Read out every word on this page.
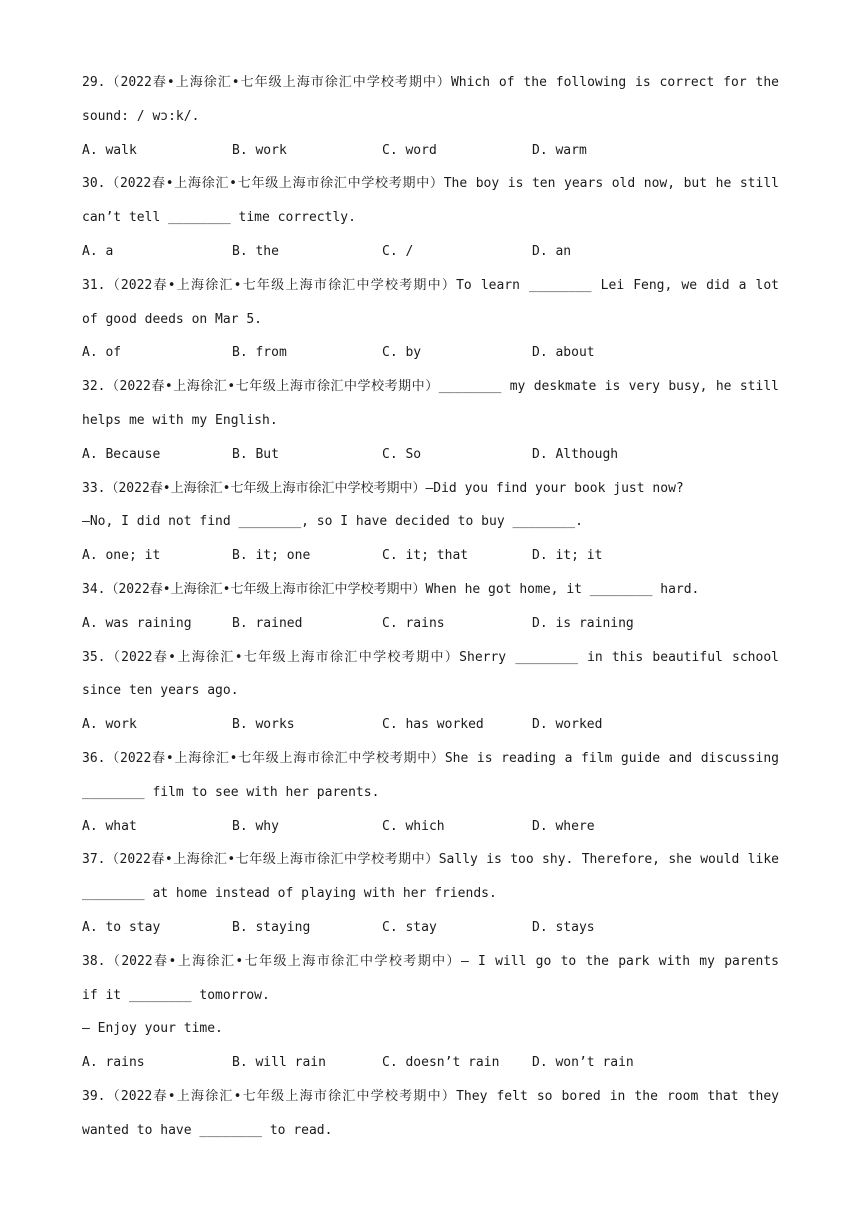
29.（2022春•上海徐汇•七年级上海市徐汇中学校考期中）Which of the following is correct for the
sound: / wɔ:k/.
A. walk	B. work	C. word	D. warm
30.（2022春•上海徐汇•七年级上海市徐汇中学校考期中）The boy is ten years old now, but he still
can’t tell ________ time correctly.
A. a	B. the	C. /	D. an
31.（2022春•上海徐汇•七年级上海市徐汇中学校考期中）To learn ________ Lei Feng, we did a lot
of good deeds on Mar 5.
A. of	B. from	C. by	D. about
32.（2022春•上海徐汇•七年级上海市徐汇中学校考期中）________ my deskmate is very busy, he still
helps me with my English.
A. Because	B. But	C. So	D. Although
33.（2022春•上海徐汇•七年级上海市徐汇中学校考期中）—Did you find your book just now?
—No, I did not find ________, so I have decided to buy ________.
A. one; it	B. it; one	C. it; that	D. it; it
34.（2022春•上海徐汇•七年级上海市徐汇中学校考期中）When he got home, it ________ hard.
A. was raining	B. rained	C. rains	D. is raining
35.（2022春•上海徐汇•七年级上海市徐汇中学校考期中）Sherry ________ in this beautiful school
since ten years ago.
A. work	B. works	C. has worked	D. worked
36.（2022春•上海徐汇•七年级上海市徐汇中学校考期中）She is reading a film guide and discussing
________ film to see with her parents.
A. what	B. why	C. which	D. where
37.（2022春•上海徐汇•七年级上海市徐汇中学校考期中）Sally is too shy. Therefore, she would like
________ at home instead of playing with her friends.
A. to stay	B. staying	C. stay	D. stays
38.（2022春•上海徐汇•七年级上海市徐汇中学校考期中）— I will go to the park with my parents
if it ________ tomorrow.
— Enjoy your time.
A. rains	B. will rain	C. doesn’t rain	D. won’t rain
39.（2022春•上海徐汇•七年级上海市徐汇中学校考期中）They felt so bored in the room that they
wanted to have ________ to read.
